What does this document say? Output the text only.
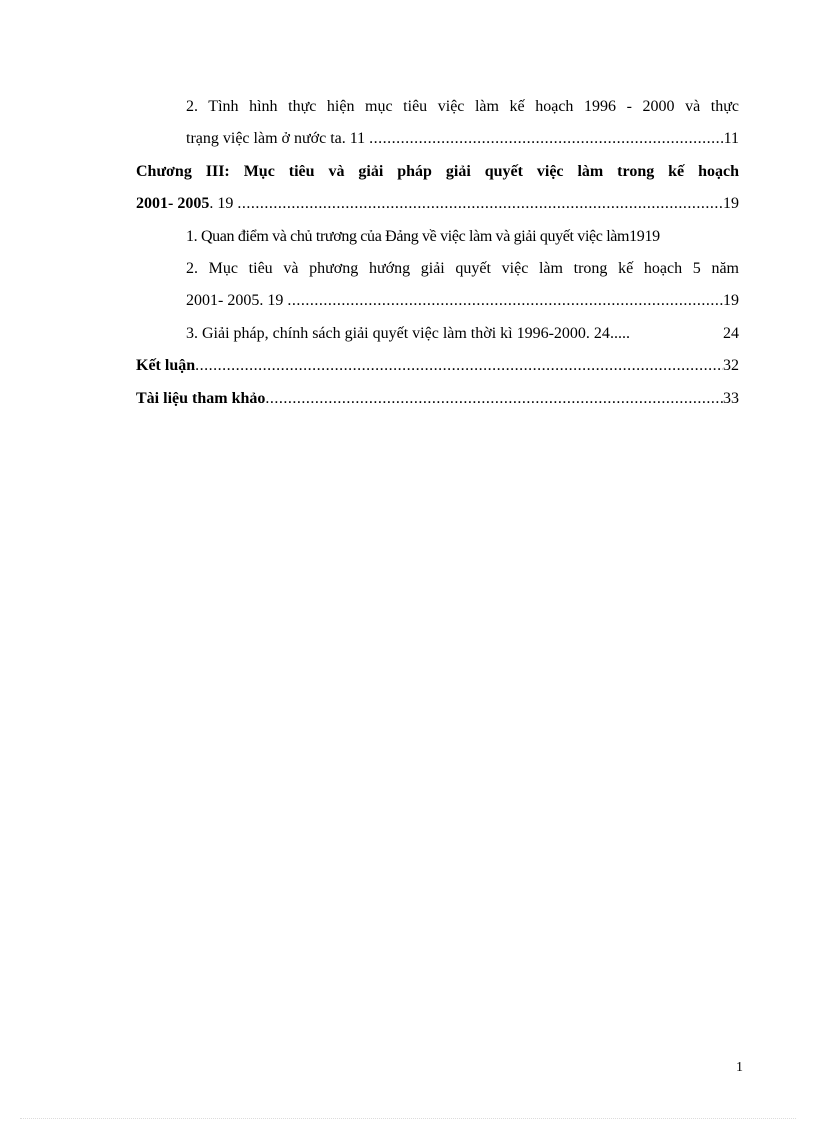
2. Tình hình thực hiện mục tiêu việc làm kế hoạch 1996 - 2000 và thực
trạng việc làm ở nước ta. 11 .....	11
Chương III: Mục tiêu và giải pháp giải quyết việc làm trong kế hoạch
2001- 2005 . 19 .....	19
1. Quan điểm và chủ trương của Đảng về việc làm và giải quyết việc làm1919
2. Mục tiêu và phương hướng giải quyết việc làm trong kế hoạch 5 năm
2001- 2005. 19 .....	19
3. Giải pháp, chính sách giải quyết việc làm thời kì 1996-2000. 24 .....	24
Kết luận .....	32
Tài liệu tham khảo .....	33
1
